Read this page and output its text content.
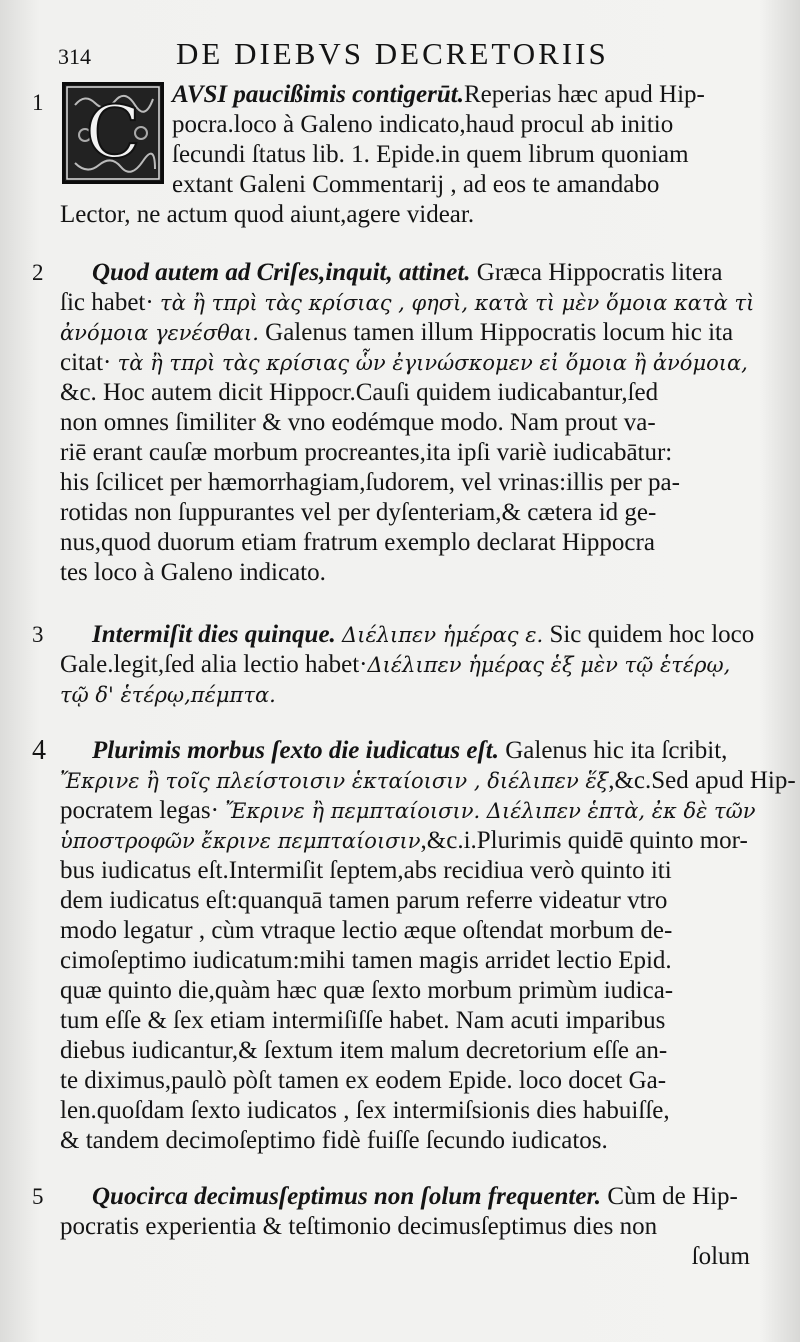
314	DE DIEBVS DECRETORIIS
C
1	AVSI paucißimis contigerūt.Reperias hæc apud Hip-
pocra.loco à Galeno indicato,haud procul ab initio
ſecundi ſtatus lib. 1. Epide.in quem librum quoniam
extant Galeni Commentarij , ad eos te amandabo
Lector, ne actum quod aiunt,agere videar.
2	Quod autem ad Criſes,inquit, attinet. Græca Hippocratis litera
ſic habet· τὰ ἢ τπρὶ τὰς κρίσιας , φησὶ, κατὰ τὶ μὲν ὅμοια κατὰ τὶ
ἀνόμοια γενέσθαι. Galenus tamen illum Hippocratis locum hic ita
citat· τὰ ἢ τπρὶ τὰς κρίσιας ὧν ἐγινώσκομεν εἰ ὅμοια ἢ ἀνόμοια,
&c. Hoc autem dicit Hippocr.Cauſi quidem iudicabantur,ſed
non omnes ſimiliter & vno eodémque modo. Nam prout va-
riē erant cauſæ morbum procreantes,ita ipſi variè iudicabātur:
his ſcilicet per hæmorrhagiam,ſudorem, vel vrinas:illis per pa-
rotidas non ſuppurantes vel per dyſenteriam,& cætera id ge-
nus,quod duorum etiam fratrum exemplo declarat Hippocra
tes loco à Galeno indicato.
3	Intermiſit dies quinque. Διέλιπεν ἡμέρας ε. Sic quidem hoc loco
Gale.legit,ſed alia lectio habet·Διέλιπεν ἡμέρας ἑξ μὲν τῷ ἑτέρῳ,
τῷ δ' ἑτέρῳ,πέμπτα.
4	Plurimis morbus ſexto die iudicatus eſt. Galenus hic ita ſcribit,
Ἔκρινε ἢ τοῖς πλείστοισιν ἑκταίοισιν , διέλιπεν ἕξ,&c.Sed apud Hip-
pocratem legas· Ἔκρινε ἢ πεμπταίοισιν. Διέλιπεν ἑπτὰ, ἐκ δὲ τῶν
ὑποστροφῶν ἔκρινε πεμπταίοισιν,&c.i.Plurimis quidē quinto mor-
bus iudicatus eſt.Intermiſit ſeptem,abs recidiua verò quinto iti
dem iudicatus eſt:quanquā tamen parum referre videatur vtro
modo legatur , cùm vtraque lectio æque oſtendat morbum de-
cimoſeptimo iudicatum:mihi tamen magis arridet lectio Epid.
quæ quinto die,quàm hæc quæ ſexto morbum primùm iudica-
tum eſſe & ſex etiam intermiſiſſe habet. Nam acuti imparibus
diebus iudicantur,& ſextum item malum decretorium eſſe an-
te diximus,paulò pòſt tamen ex eodem Epide. loco docet Ga-
len.quoſdam ſexto iudicatos , ſex intermiſsionis dies habuiſſe,
& tandem decimoſeptimo fidè fuiſſe ſecundo iudicatos.
5	Quocirca decimusſeptimus non ſolum frequenter. Cùm de Hip-
pocratis experientia & teſtimonio decimusſeptimus dies non
ſolum
